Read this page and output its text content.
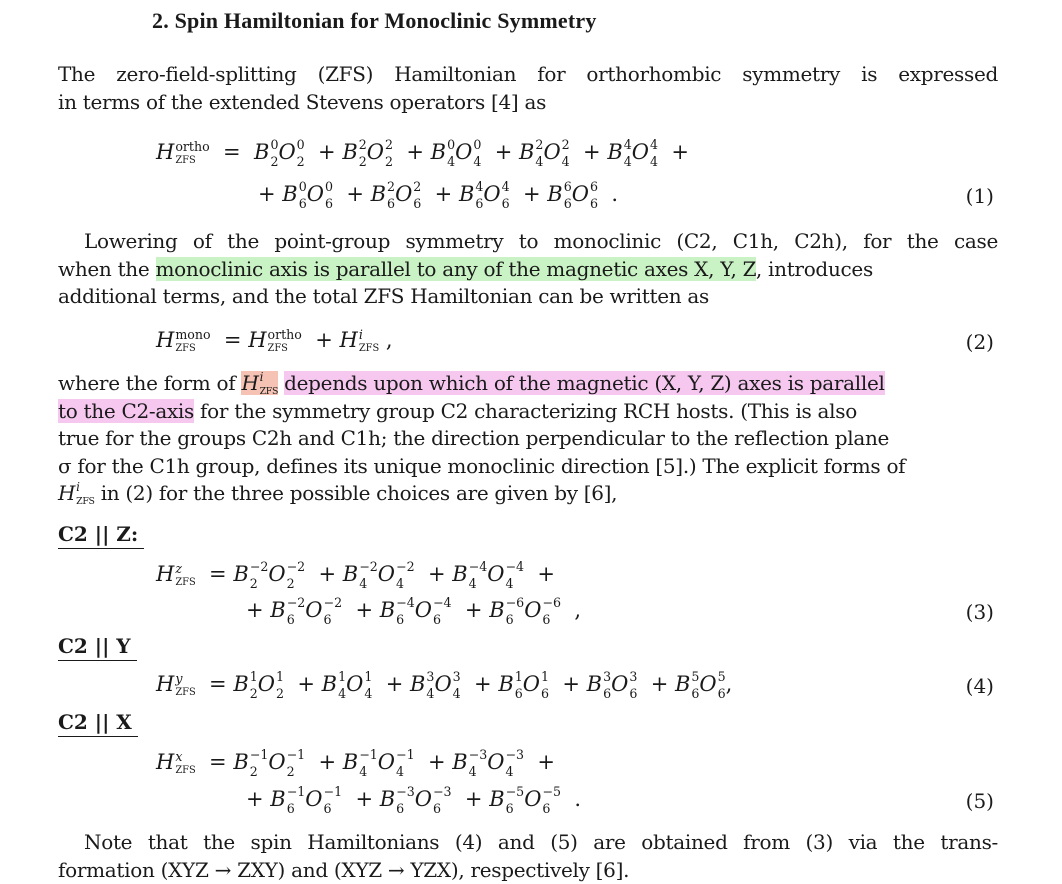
2. Spin Hamiltonian for Monoclinic Symmetry
The zero-field-splitting (ZFS) Hamiltonian for orthorhombic symmetry is expressed
in terms of the extended Stevens operators [4] as
H ortho
ZFS =  B 0
2 O 0
2 + B 2
2 O 2
2 + B 0
4 O 0
4 + B 2
4 O 2
4 + B 4
4 O 4
4 +
+ B 0
6 O 0
6 + B 2
6 O 2
6 + B 4
6 O 4
6 + B 6
6 O 6
6 .	(1)
Lowering of the point-group symmetry to monoclinic (C2, C1h, C2h), for the case
when the monoclinic axis is parallel to any of the magnetic axes X, Y, Z, introduces
additional terms, and the total ZFS Hamiltonian can be written as
H mono
ZFS	= H ortho
ZFS + H i
ZFS ,	(2)
where the form of H i
ZFS depends upon which of the magnetic (X, Y, Z) axes is parallel
to the C2-axis for the symmetry group C2 characterizing RCH hosts. (This is also
true for the groups C2h and C1h; the direction perpendicular to the reflection plane
σ for the C1h group, defines its unique monoclinic direction [5].) The explicit forms of
H i
ZFS in (2) for the three possible choices are given by [6],
C2 || Z:
H z
ZFS = B −2
2 O −2
2 + B −2
4 O −2
4 + B −4
4 O −4
4 +
+ B −2
6 O −2
6 + B −4
6 O −4
6 + B −6
6 O −6
6 ,	(3)
C2 || Y
H y
ZFS = B 1
2 O 1
2 + B 1
4 O 1
4 + B 3
4 O 3
4 + B 1
6 O 1
6 + B 3
6 O 3
6 + B 5
6 O 5
6 ,	(4)
C2 || X
H x
ZFS = B −1
2 O −1
2 + B −1
4 O −1
4 + B −3
4 O −3
4 +
+ B −1
6 O −1
6 + B −3
6 O −3
6 + B −5
6 O −5
6 .	(5)
Note that the spin Hamiltonians (4) and (5) are obtained from (3) via the trans-
formation (XYZ → ZXY) and (XYZ → YZX), respectively [6].
